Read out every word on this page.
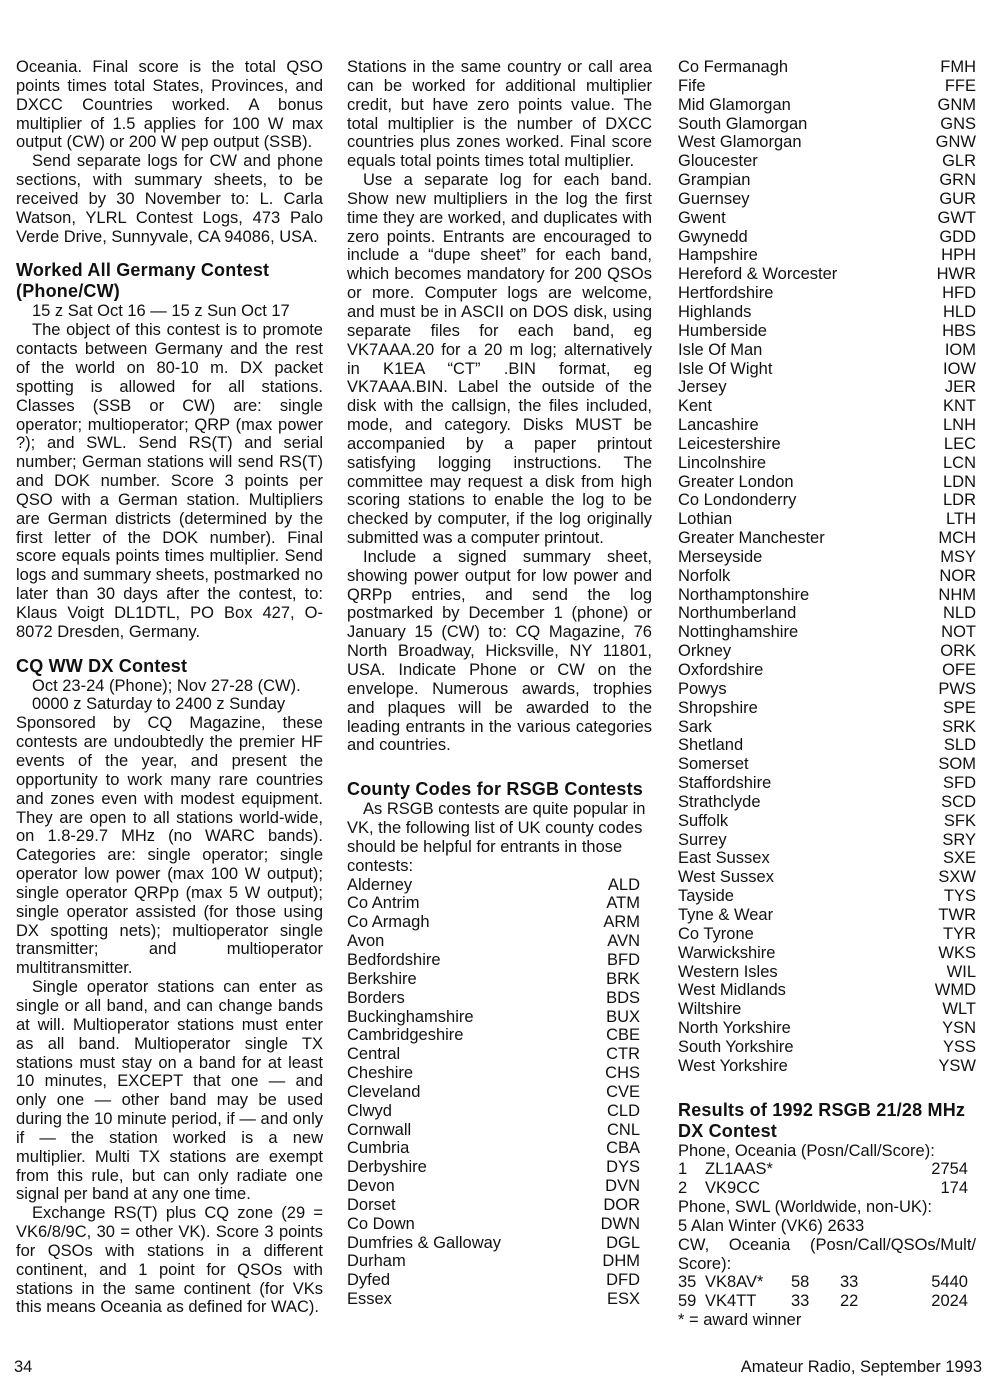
Oceania. Final score is the total QSO points times total States, Provinces, and DXCC Countries worked. A bonus multiplier of 1.5 applies for 100 W max output (CW) or 200 W pep output (SSB).

Send separate logs for CW and phone sections, with summary sheets, to be received by 30 November to: L. Carla Watson, YLRL Contest Logs, 473 Palo Verde Drive, Sunnyvale, CA 94086, USA.

Worked All Germany Contest (Phone/CW)

15 z Sat Oct 16 — 15 z Sun Oct 17

The object of this contest is to promote contacts between Germany and the rest of the world on 80-10 m. DX packet spotting is allowed for all stations. Classes (SSB or CW) are: single operator; multioperator; QRP (max power ?); and SWL. Send RS(T) and serial number; German stations will send RS(T) and DOK number. Score 3 points per QSO with a German station. Multipliers are German districts (determined by the first letter of the DOK number). Final score equals points times multiplier. Send logs and summary sheets, postmarked no later than 30 days after the contest, to: Klaus Voigt DL1DTL, PO Box 427, O-8072 Dresden, Germany.

CQ WW DX Contest

Oct 23-24 (Phone); Nov 27-28 (CW).

0000 z Saturday to 2400 z Sunday

Sponsored by CQ Magazine, these contests are undoubtedly the premier HF events of the year, and present the opportunity to work many rare countries and zones even with modest equipment. They are open to all stations world-wide, on 1.8-29.7 MHz (no WARC bands). Categories are: single operator; single operator low power (max 100 W output); single operator QRPp (max 5 W output); single operator assisted (for those using DX spotting nets); multioperator single transmitter; and multioperator multitransmitter.

Single operator stations can enter as single or all band, and can change bands at will. Multioperator stations must enter as all band. Multioperator single TX stations must stay on a band for at least 10 minutes, EXCEPT that one — and only one — other band may be used during the 10 minute period, if — and only if — the station worked is a new multiplier. Multi TX stations are exempt from this rule, but can only radiate one signal per band at any one time.

Exchange RS(T) plus CQ zone (29 = VK6/8/9C, 30 = other VK). Score 3 points for QSOs with stations in a different continent, and 1 point for QSOs with stations in the same continent (for VKs this means Oceania as defined for WAC).

Stations in the same country or call area can be worked for additional multiplier credit, but have zero points value. The total multiplier is the number of DXCC countries plus zones worked. Final score equals total points times total multiplier.

Use a separate log for each band. Show new multipliers in the log the first time they are worked, and duplicates with zero points. Entrants are encouraged to include a “dupe sheet” for each band, which becomes mandatory for 200 QSOs or more. Computer logs are welcome, and must be in ASCII on DOS disk, using separate files for each band, eg VK7AAA.20 for a 20 m log; alternatively in K1EA “CT” .BIN format, eg VK7AAA.BIN. Label the outside of the disk with the callsign, the files included, mode, and category. Disks MUST be accompanied by a paper printout satisfying logging instructions. The committee may request a disk from high scoring stations to enable the log to be checked by computer, if the log originally submitted was a computer printout.

Include a signed summary sheet, showing power output for low power and QRPp entries, and send the log postmarked by December 1 (phone) or January 15 (CW) to: CQ Magazine, 76 North Broadway, Hicksville, NY 11801, USA. Indicate Phone or CW on the envelope. Numerous awards, trophies and plaques will be awarded to the leading entrants in the various categories and countries.

County Codes for RSGB Contests

As RSGB contests are quite popular in VK, the following list of UK county codes should be helpful for entrants in those contests:

Alderney	ALD
Co Antrim	ATM
Co Armagh	ARM
Avon	AVN
Bedfordshire	BFD
Berkshire	BRK
Borders	BDS
Buckinghamshire	BUX
Cambridgeshire	CBE
Central	CTR
Cheshire	CHS
Cleveland	CVE
Clwyd	CLD
Cornwall	CNL
Cumbria	CBA
Derbyshire	DYS
Devon	DVN
Dorset	DOR
Co Down	DWN
Dumfries & Galloway	DGL
Durham	DHM
Dyfed	DFD
Essex	ESX
Co Fermanagh	FMH
Fife	FFE
Mid Glamorgan	GNM
South Glamorgan	GNS
West Glamorgan	GNW
Gloucester	GLR
Grampian	GRN
Guernsey	GUR
Gwent	GWT
Gwynedd	GDD
Hampshire	HPH
Hereford & Worcester	HWR
Hertfordshire	HFD
Highlands	HLD
Humberside	HBS
Isle Of Man	IOM
Isle Of Wight	IOW
Jersey	JER
Kent	KNT
Lancashire	LNH
Leicestershire	LEC
Lincolnshire	LCN
Greater London	LDN
Co Londonderry	LDR
Lothian	LTH
Greater Manchester	MCH
Merseyside	MSY
Norfolk	NOR
Northamptonshire	NHM
Northumberland	NLD
Nottinghamshire	NOT
Orkney	ORK
Oxfordshire	OFE
Powys	PWS
Shropshire	SPE
Sark	SRK
Shetland	SLD
Somerset	SOM
Staffordshire	SFD
Strathclyde	SCD
Suffolk	SFK
Surrey	SRY
East Sussex	SXE
West Sussex	SXW
Tayside	TYS
Tyne & Wear	TWR
Co Tyrone	TYR
Warwickshire	WKS
Western Isles	WIL
West Midlands	WMD
Wiltshire	WLT
North Yorkshire	YSN
South Yorkshire	YSS
West Yorkshire	YSW
Results of 1992 RSGB 21/28 MHz DX Contest
Phone, Oceania (Posn/Call/Score):
1	ZL1AAS*	2754
2	VK9CC	174
Phone, SWL (Worldwide, non-UK):
5 Alan Winter (VK6) 2633
CW, Oceania (Posn/Call/QSOs/Mult/ Score):
35 VK8AV*	58	33	5440
59 VK4TT	33	22	2024
* = award winner
34	Amateur Radio, September 1993
